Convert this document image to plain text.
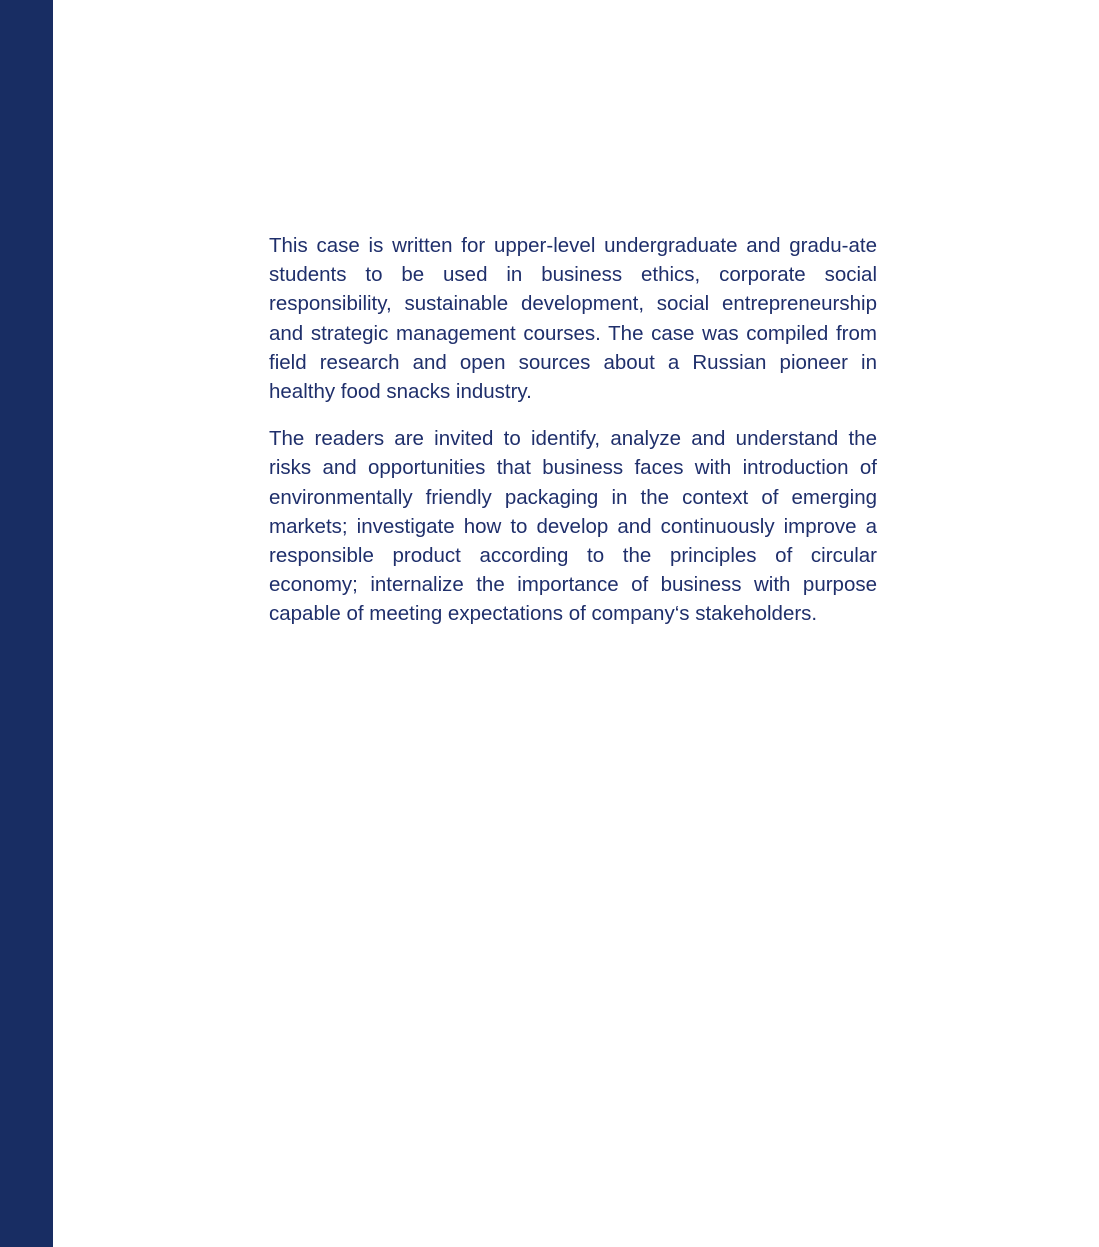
This case is written for upper-level undergraduate and gradu-ate students to be used in business ethics, corporate social responsibility, sustainable development, social entrepreneurship and strategic management courses. The case was compiled from field research and open sources about a Russian pioneer in healthy food snacks industry.

The readers are invited to identify, analyze and understand the risks and opportunities that business faces with introduction of environmentally friendly packaging in the context of emerging markets; investigate how to develop and continuously improve a responsible product according to the principles of circular economy; internalize the importance of business with purpose capable of meeting expectations of company‘s stakeholders.
